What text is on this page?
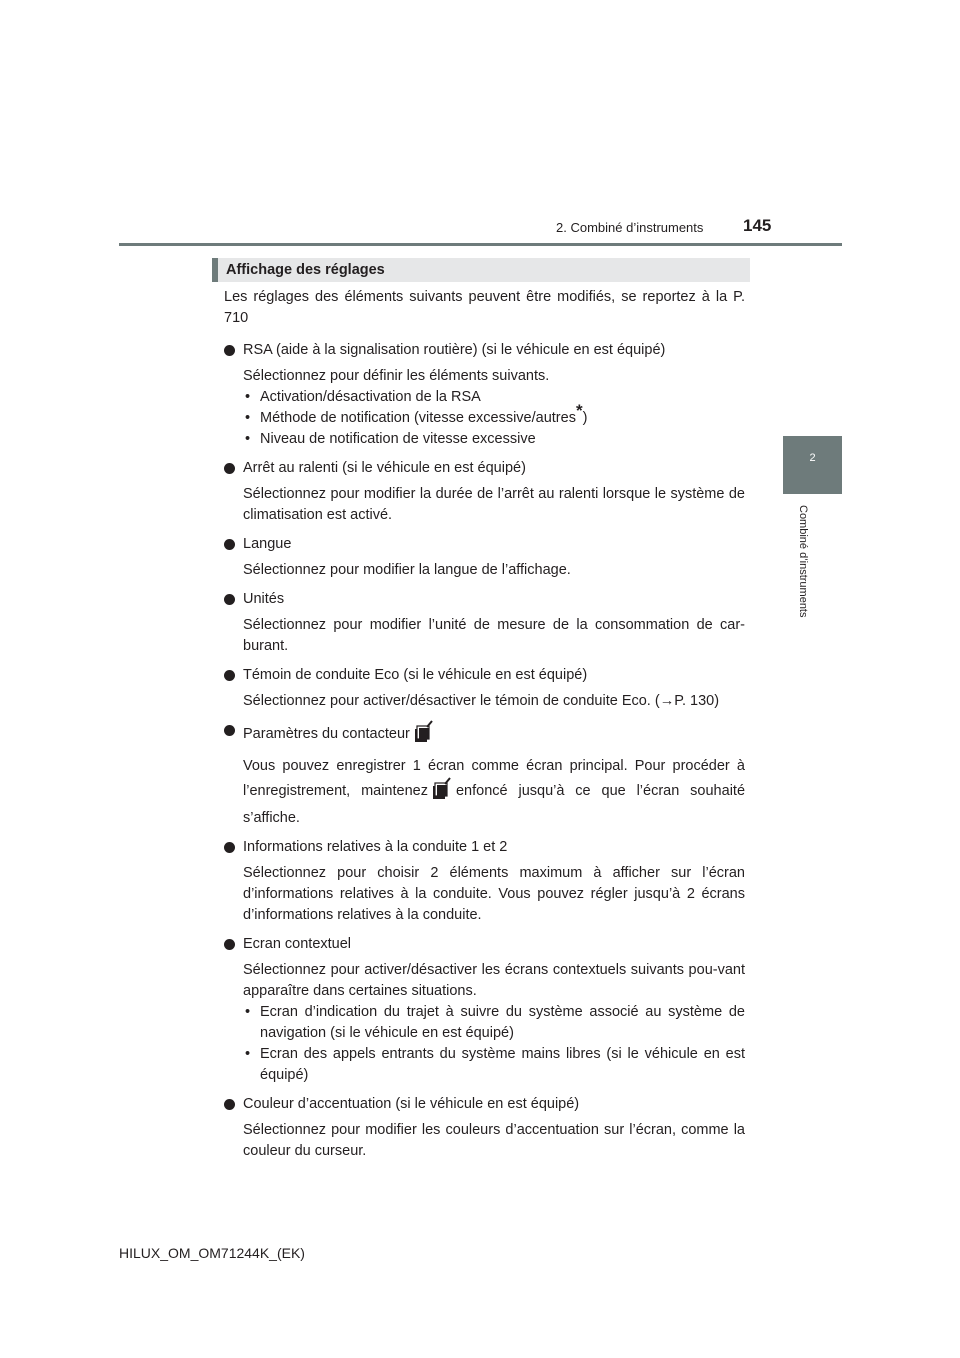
2. Combiné d’instruments 145
2
Combiné d’instruments
Affichage des réglages

Les réglages des éléments suivants peuvent être modifiés, se reportez à la P. 710

RSA (aide à la signalisation routière) (si le véhicule en est équipé)

Sélectionnez pour définir les éléments suivants.

• Activation/désactivation de la RSA
• Méthode de notification (vitesse excessive/autres*)
• Niveau de notification de vitesse excessive

Arrêt au ralenti (si le véhicule en est équipé)

Sélectionnez pour modifier la durée de l’arrêt au ralenti lorsque le système de climatisation est activé.

Langue

Sélectionnez pour modifier la langue de l’affichage.

Unités

Sélectionnez pour modifier l’unité de mesure de la consommation de car-burant.

Témoin de conduite Eco (si le véhicule en est équipé)

Sélectionnez pour activer/désactiver le témoin de conduite Eco. (→P. 130)

Paramètres du contacteur

Vous pouvez enregistrer 1 écran comme écran principal. Pour procéder à l’enregistrement, maintenez enfoncé jusqu’à ce que l’écran souhaité s’affiche.

Informations relatives à la conduite 1 et 2

Sélectionnez pour choisir 2 éléments maximum à afficher sur l’écran d’informations relatives à la conduite. Vous pouvez régler jusqu’à 2 écrans d’informations relatives à la conduite.

Ecran contextuel

Sélectionnez pour activer/désactiver les écrans contextuels suivants pou-vant apparaître dans certaines situations.

• Ecran d’indication du trajet à suivre du système associé au système de navigation (si le véhicule en est équipé)
• Ecran des appels entrants du système mains libres (si le véhicule en est équipé)

Couleur d’accentuation (si le véhicule en est équipé)

Sélectionnez pour modifier les couleurs d’accentuation sur l’écran, comme la couleur du curseur.

HILUX_OM_OM71244K_(EK)
